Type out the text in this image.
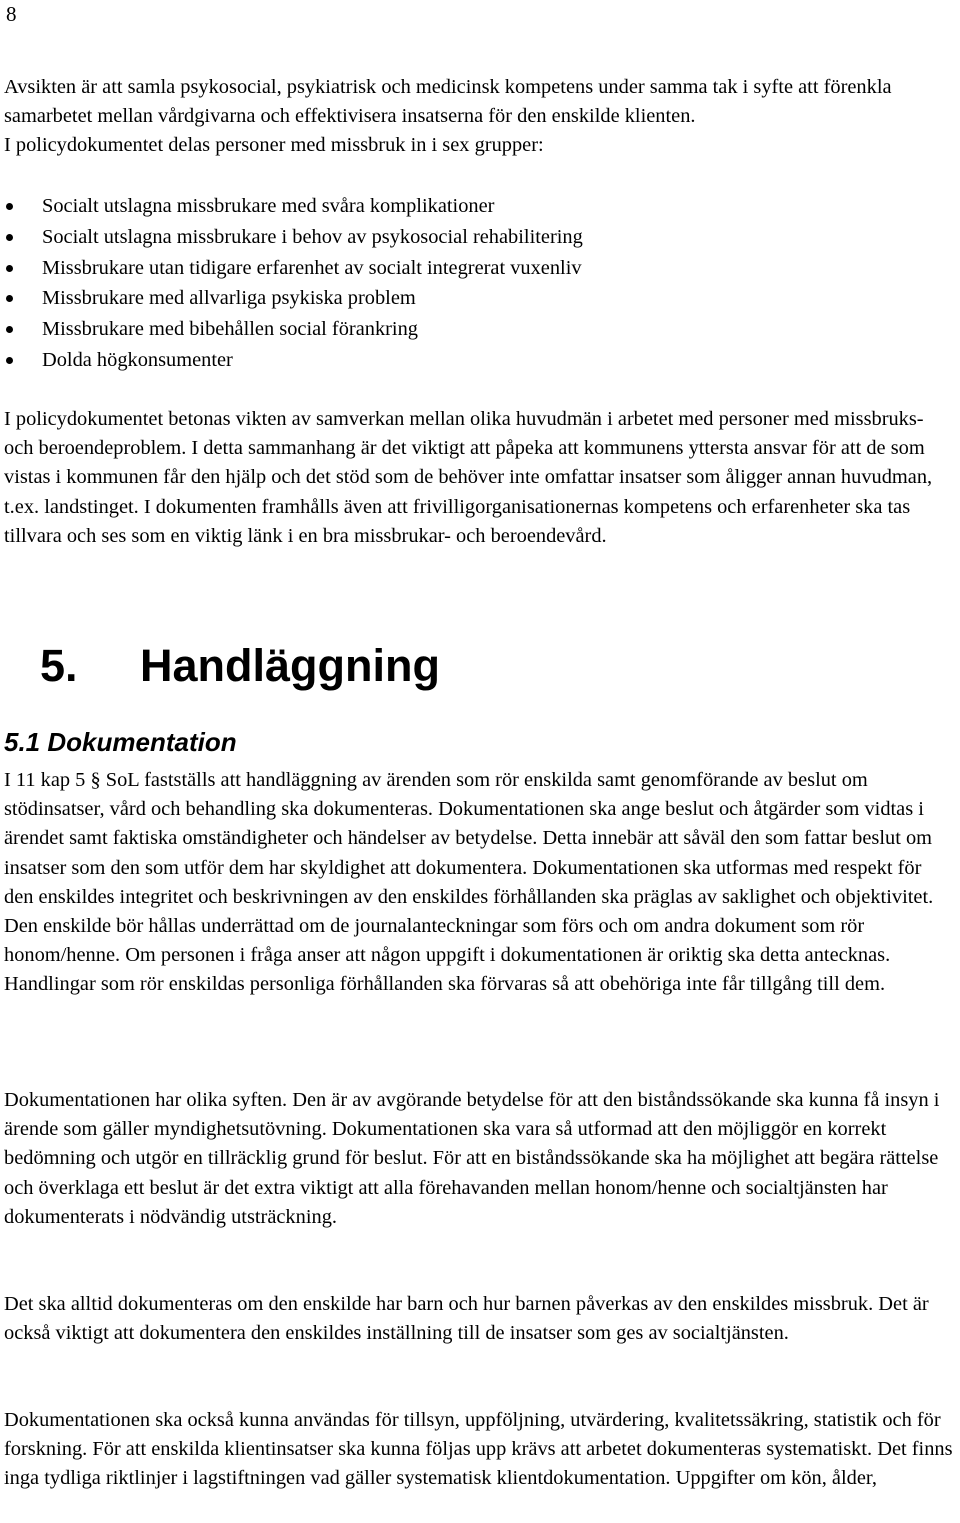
8

Avsikten är att samla psykosocial, psykiatrisk och medicinsk kompetens under samma tak i syfte att förenkla samarbetet mellan vårdgivarna och effektivisera insatserna för den enskilde klienten.

I policydokumentet delas personer med missbruk in i sex grupper:

Socialt utslagna missbrukare med svåra komplikationer
Socialt utslagna missbrukare i behov av psykosocial rehabilitering
Missbrukare utan tidigare erfarenhet av socialt integrerat vuxenliv
Missbrukare med allvarliga psykiska problem
Missbrukare med bibehållen social förankring
Dolda högkonsumenter

I policydokumentet betonas vikten av samverkan mellan olika huvudmän i arbetet med personer med missbruks- och beroendeproblem. I detta sammanhang är det viktigt att påpeka att kommunens yttersta ansvar för att de som vistas i kommunen får den hjälp och det stöd som de behöver inte omfattar insatser som åligger annan huvudman, t.ex. landstinget. I dokumenten framhålls även att frivilligorganisationernas kompetens och erfarenheter ska tas tillvara och ses som en viktig länk i en bra missbrukar- och beroendevård.

5. Handläggning
5.1 Dokumentation

I 11 kap 5 § SoL fastställs att handläggning av ärenden som rör enskilda samt genomförande av beslut om stödinsatser, vård och behandling ska dokumenteras. Dokumentationen ska ange beslut och åtgärder som vidtas i ärendet samt faktiska omständigheter och händelser av betydelse. Detta innebär att såväl den som fattar beslut om insatser som den som utför dem har skyldighet att dokumentera. Dokumentationen ska utformas med respekt för den enskildes integritet och beskrivningen av den enskildes förhållanden ska präglas av saklighet och objektivitet. Den enskilde bör hållas underrättad om de journalanteckningar som förs och om andra dokument som rör honom/henne. Om personen i fråga anser att någon uppgift i dokumentationen är oriktig ska detta antecknas. Handlingar som rör enskildas personliga förhållanden ska förvaras så att obehöriga inte får tillgång till dem.

Dokumentationen har olika syften. Den är av avgörande betydelse för att den biståndssökande ska kunna få insyn i ärende som gäller myndighetsutövning. Dokumentationen ska vara så utformad att den möjliggör en korrekt bedömning och utgör en tillräcklig grund för beslut. För att en biståndssökande ska ha möjlighet att begära rättelse och överklaga ett beslut är det extra viktigt att alla förehavanden mellan honom/henne och socialtjänsten har dokumenterats i nödvändig utsträckning.

Det ska alltid dokumenteras om den enskilde har barn och hur barnen påverkas av den enskildes missbruk. Det är också viktigt att dokumentera den enskildes inställning till de insatser som ges av socialtjänsten.

Dokumentationen ska också kunna användas för tillsyn, uppföljning, utvärdering, kvalitetssäkring, statistik och för forskning. För att enskilda klientinsatser ska kunna följas upp krävs att arbetet dokumenteras systematiskt. Det finns inga tydliga riktlinjer i lagstiftningen vad gäller systematisk klientdokumentation. Uppgifter om kön, ålder,
